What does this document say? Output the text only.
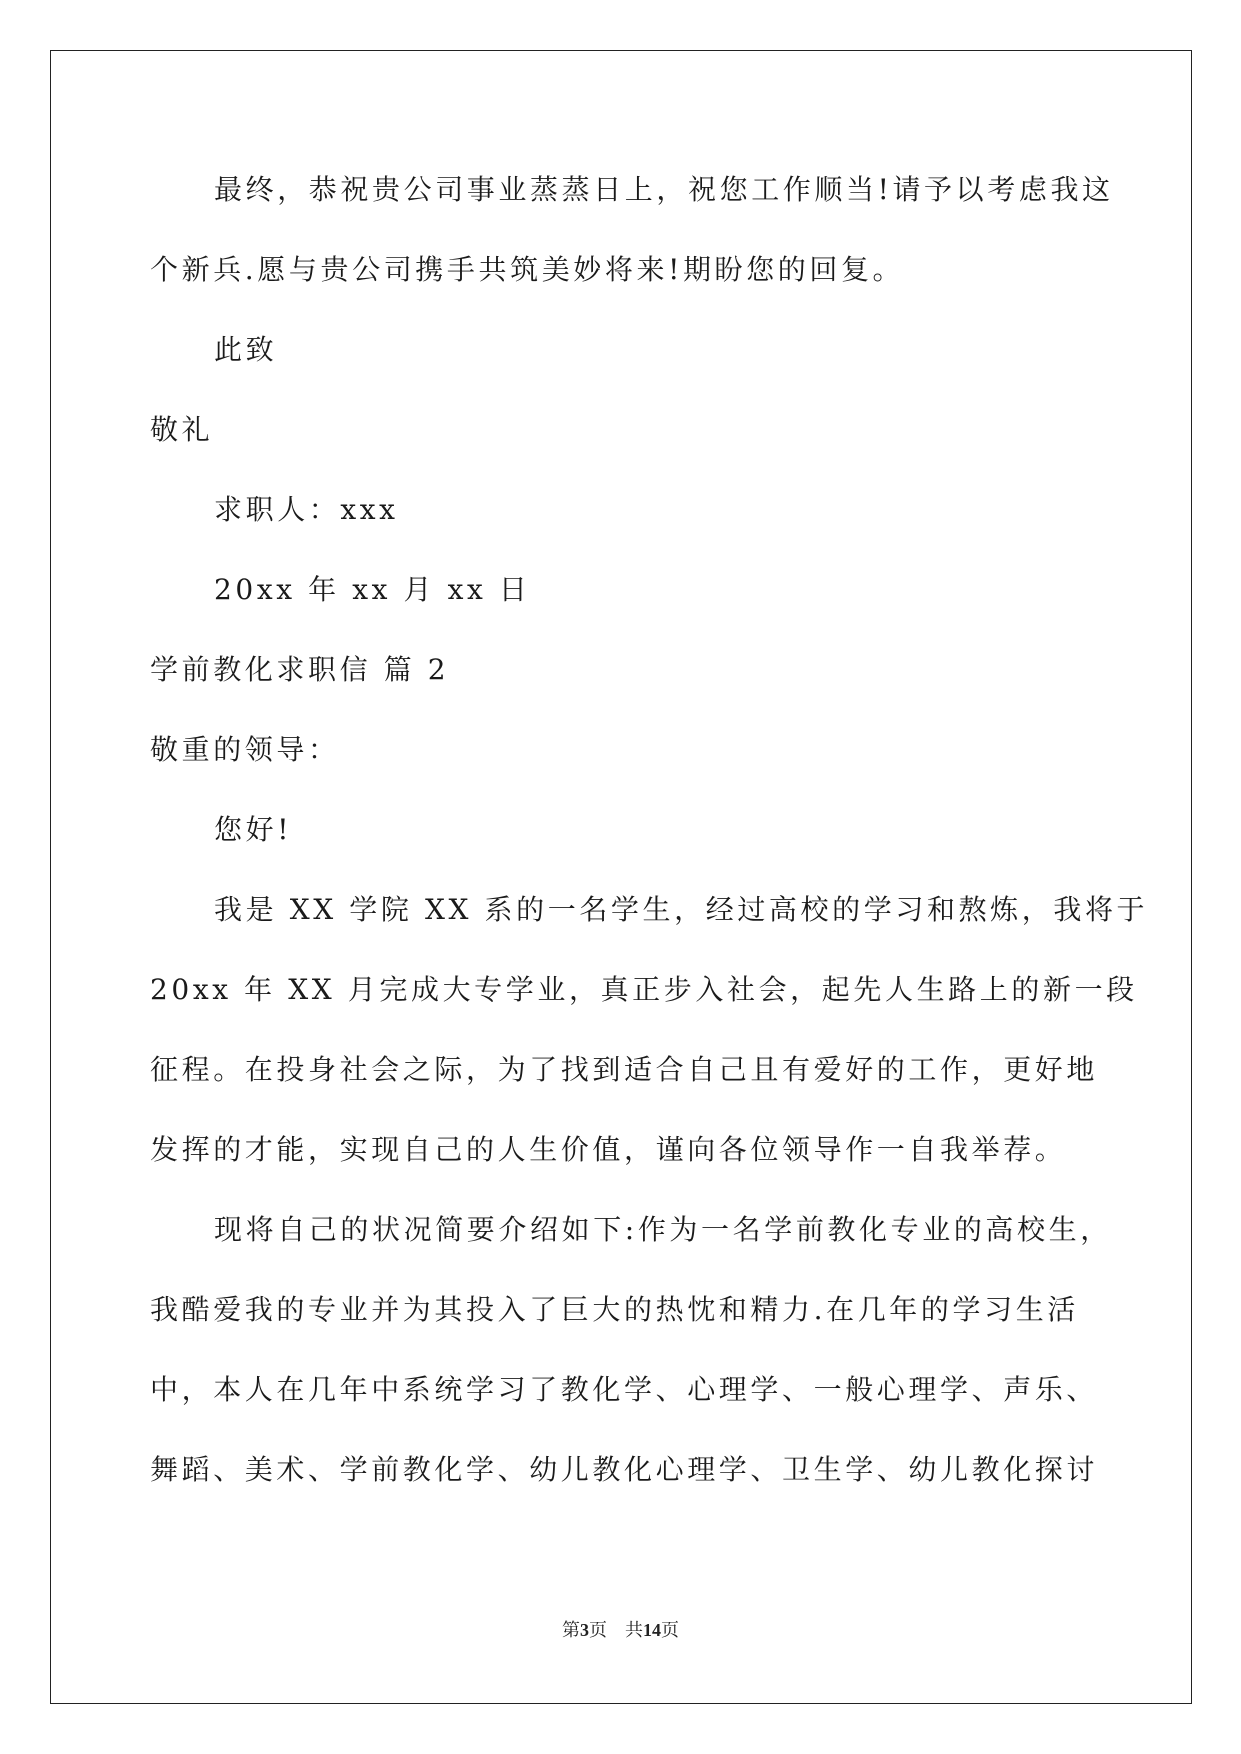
最终，恭祝贵公司事业蒸蒸日上，祝您工作顺当!请予以考虑我这
个新兵.愿与贵公司携手共筑美妙将来!期盼您的回复。
此致
敬礼
求职人：xxx
20xx 年 xx 月 xx 日
学前教化求职信 篇 2
敬重的领导：
您好!
我是 XX 学院 XX 系的一名学生，经过高校的学习和熬炼，我将于
20xx 年 XX 月完成大专学业，真正步入社会，起先人生路上的新一段
征程。在投身社会之际，为了找到适合自己且有爱好的工作，更好地
发挥的才能，实现自己的人生价值，谨向各位领导作一自我举荐。
现将自己的状况简要介绍如下:作为一名学前教化专业的高校生，
我酷爱我的专业并为其投入了巨大的热忱和精力.在几年的学习生活
中，本人在几年中系统学习了教化学、心理学、一般心理学、声乐、
舞蹈、美术、学前教化学、幼儿教化心理学、卫生学、幼儿教化探讨
第3页 共14页
